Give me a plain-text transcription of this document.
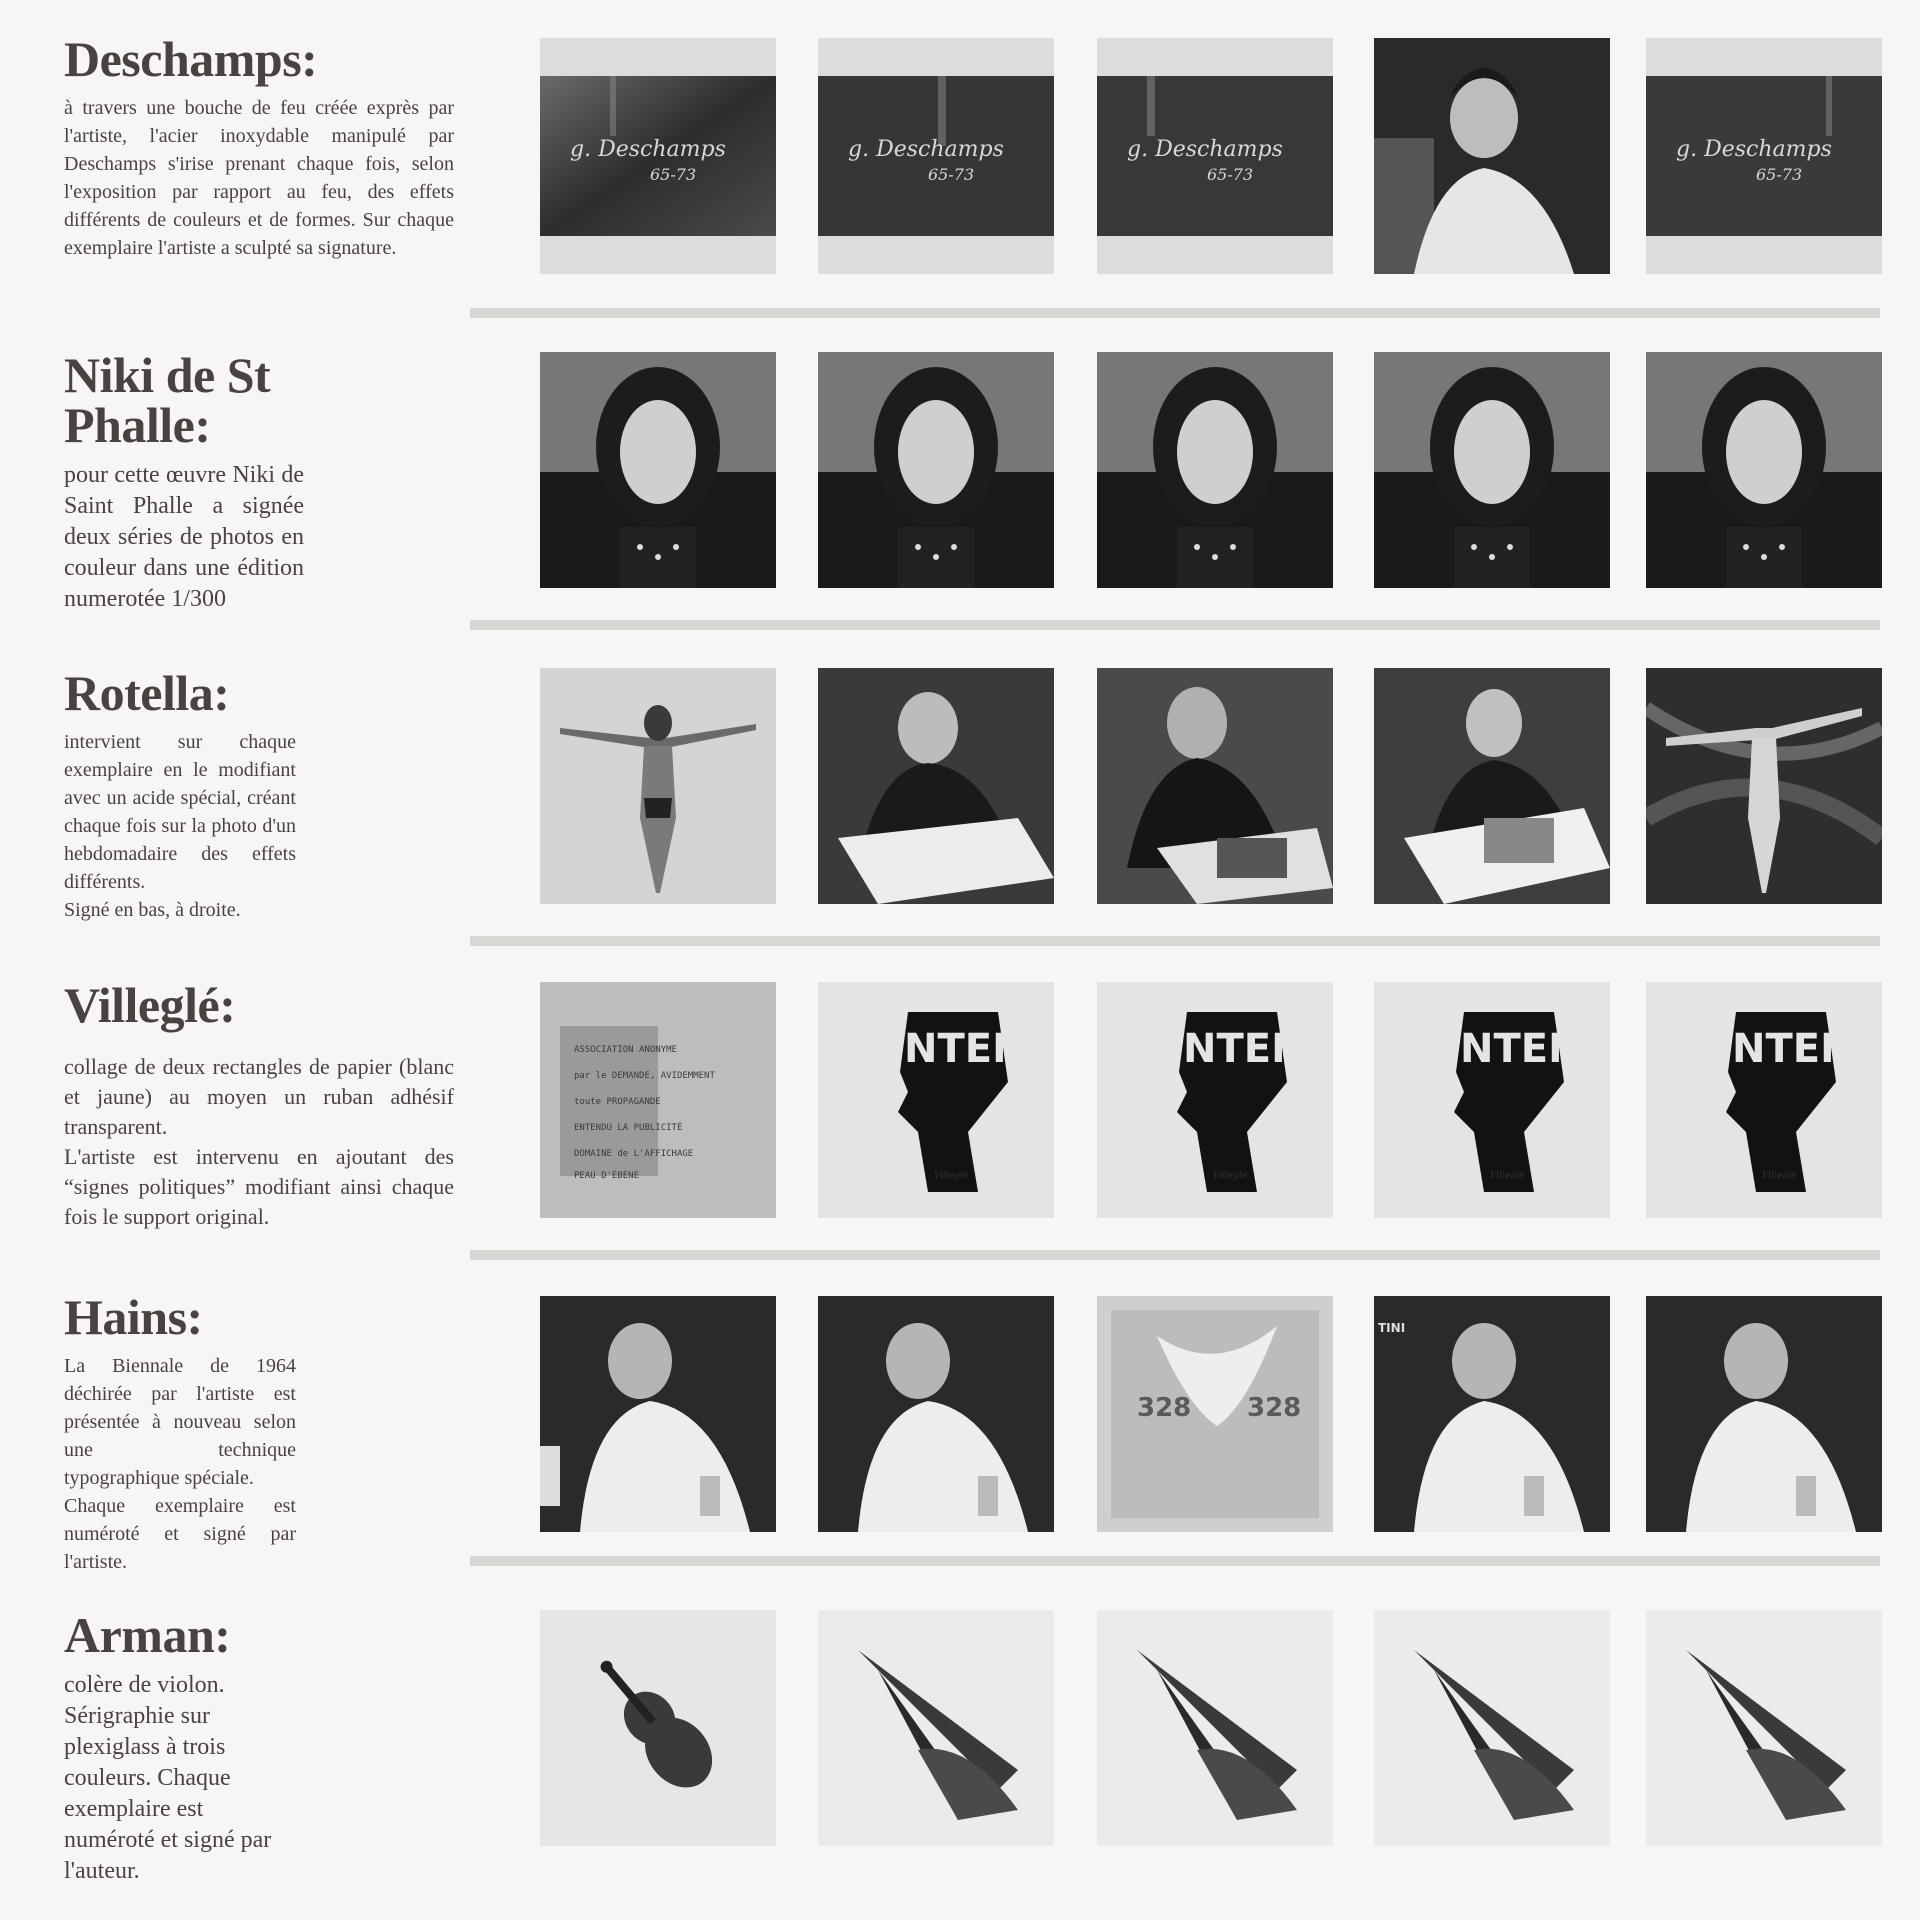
Deschamps:

à travers une bouche de feu créée exprès par l'artiste, l'acier inoxydable manipulé par Deschamps s'irise prenant chaque fois, selon l'exposition par rapport au feu, des effets différents de couleurs et de formes. Sur chaque exemplaire l'artiste a sculpté sa signature.

g. Deschamps
65-73
g. Deschamps
65-73
g. Deschamps
65-73
g. Deschamps
65-73
Niki de St
Phalle:

pour cette œuvre Niki de Saint Phalle a signée deux séries de photos en couleur dans une édition numerotée 1/300

Rotella:

intervient sur chaque exemplaire en le modifiant avec un acide spécial, créant chaque fois sur la photo d'un hebdomadaire des effets différents.
Signé en bas, à droite.

Villeglé:

collage de deux rectangles de papier (blanc et jaune) au moyen un ruban adhésif transparent.
L'artiste est intervenu en ajoutant des “signes politiques” modifiant ainsi chaque fois le support original.

ASSOCIATION ANONYME
par le DEMANDE, AVIDEMMENT
toute PROPAGANDE
ENTENDU LA PUBLICITÉ
DOMAINE de L'AFFICHAGE
PEAU D'ÉBÈNE
NTEN
Villeglé
NTEN
Villeglé
NTEN
Villeglé
NTEN
Villeglé
Hains:

La Biennale de 1964 déchirée par l'artiste est présentée à nouveau selon une technique typographique spéciale.
Chaque exemplaire est numéroté et signé par l'artiste.

328 328
TINI
Arman:

colère de violon. Sérigraphie sur plexiglass à trois couleurs. Chaque exemplaire est numéroté et signé par l'auteur.
